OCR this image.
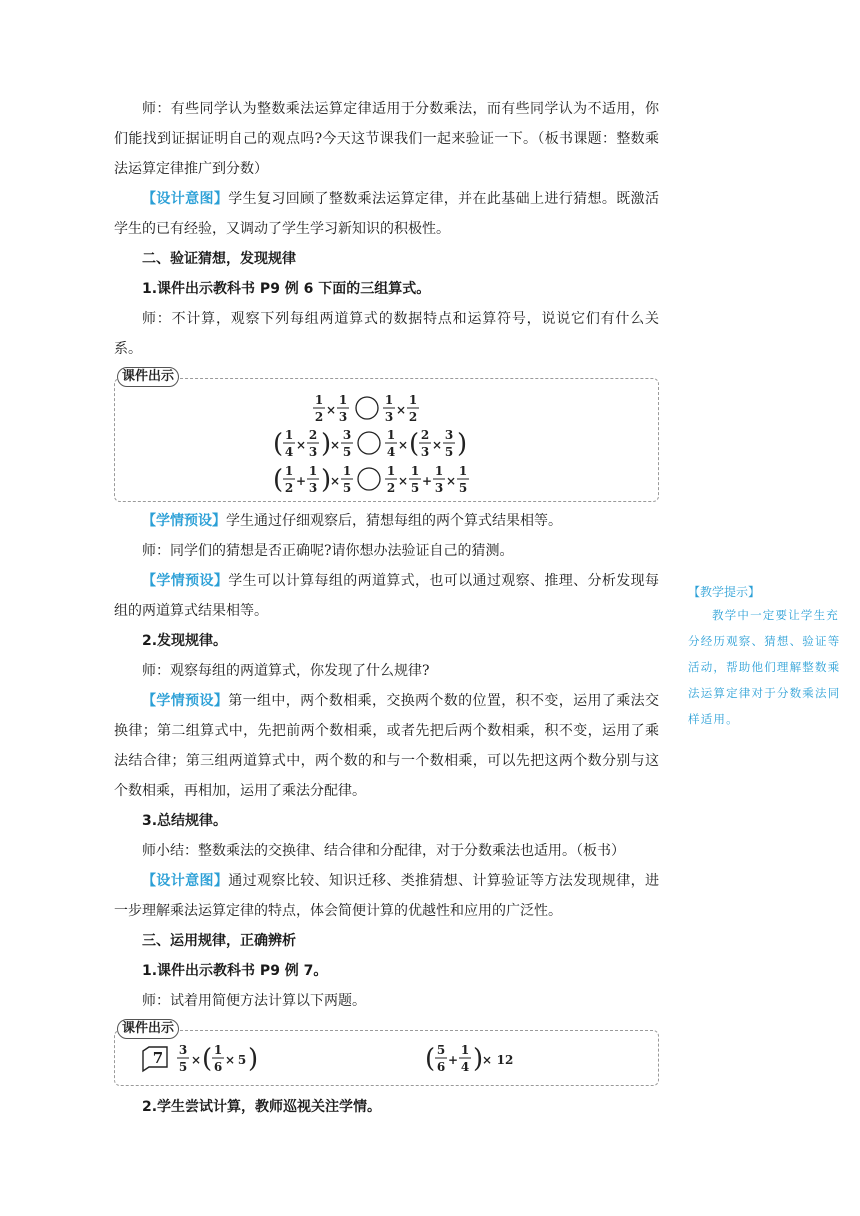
师：有些同学认为整数乘法运算定律适用于分数乘法，而有些同学认为不适用，你们能找到证据证明自己的观点吗?今天这节课我们一起来验证一下。（板书课题：整数乘法运算定律推广到分数）

【设计意图】学生复习回顾了整数乘法运算定律，并在此基础上进行猜想。既激活学生的已有经验，又调动了学生学习新知识的积极性。

二、验证猜想，发现规律

1.课件出示教科书 P9 例 6 下面的三组算式。

师：不计算，观察下列每组两道算式的数据特点和运算符号，说说它们有什么关系。

课件出示
1
2 ×
1
3
1
3 ×
1
2
( 1
4 ×
2
3 )
×
3
5
1
4 × ( 2
3 ×
3
5 )
( 1
2 +
1
3 )
×
1
5
1
2 ×
1
5 +
1
3 ×
1
5

【学情预设】学生通过仔细观察后，猜想每组的两个算式结果相等。

师：同学们的猜想是否正确呢?请你想办法验证自己的猜测。

【学情预设】学生可以计算每组的两道算式，也可以通过观察、推理、分析发现每组的两道算式结果相等。

2.发现规律。

师：观察每组的两道算式，你发现了什么规律?

【学情预设】第一组中，两个数相乘，交换两个数的位置，积不变，运用了乘法交换律；第二组算式中，先把前两个数相乘，或者先把后两个数相乘，积不变，运用了乘法结合律；第三组两道算式中，两个数的和与一个数相乘，可以先把这两个数分别与这个数相乘，再相加，运用了乘法分配律。

3.总结规律。

师小结：整数乘法的交换律、结合律和分配律，对于分数乘法也适用。（板书）

【设计意图】通过观察比较、知识迁移、类推猜想、计算验证等方法发现规律，进一步理解乘法运算定律的特点，体会简便计算的优越性和应用的广泛性。

三、运用规律，正确辨析

1.课件出示教科书 P9 例 7。

师：试着用简便方法计算以下两题。

课件出示
7 3
5 × ( 1
6 × 5 )	( 5
6 +
1
4 )
× 12

2.学生尝试计算，教师巡视关注学情。

【教学提示】
教学中一定要让学生充分经历观察、猜想、验证等活动，帮助他们理解整数乘法运算定律对于分数乘法同样适用。
